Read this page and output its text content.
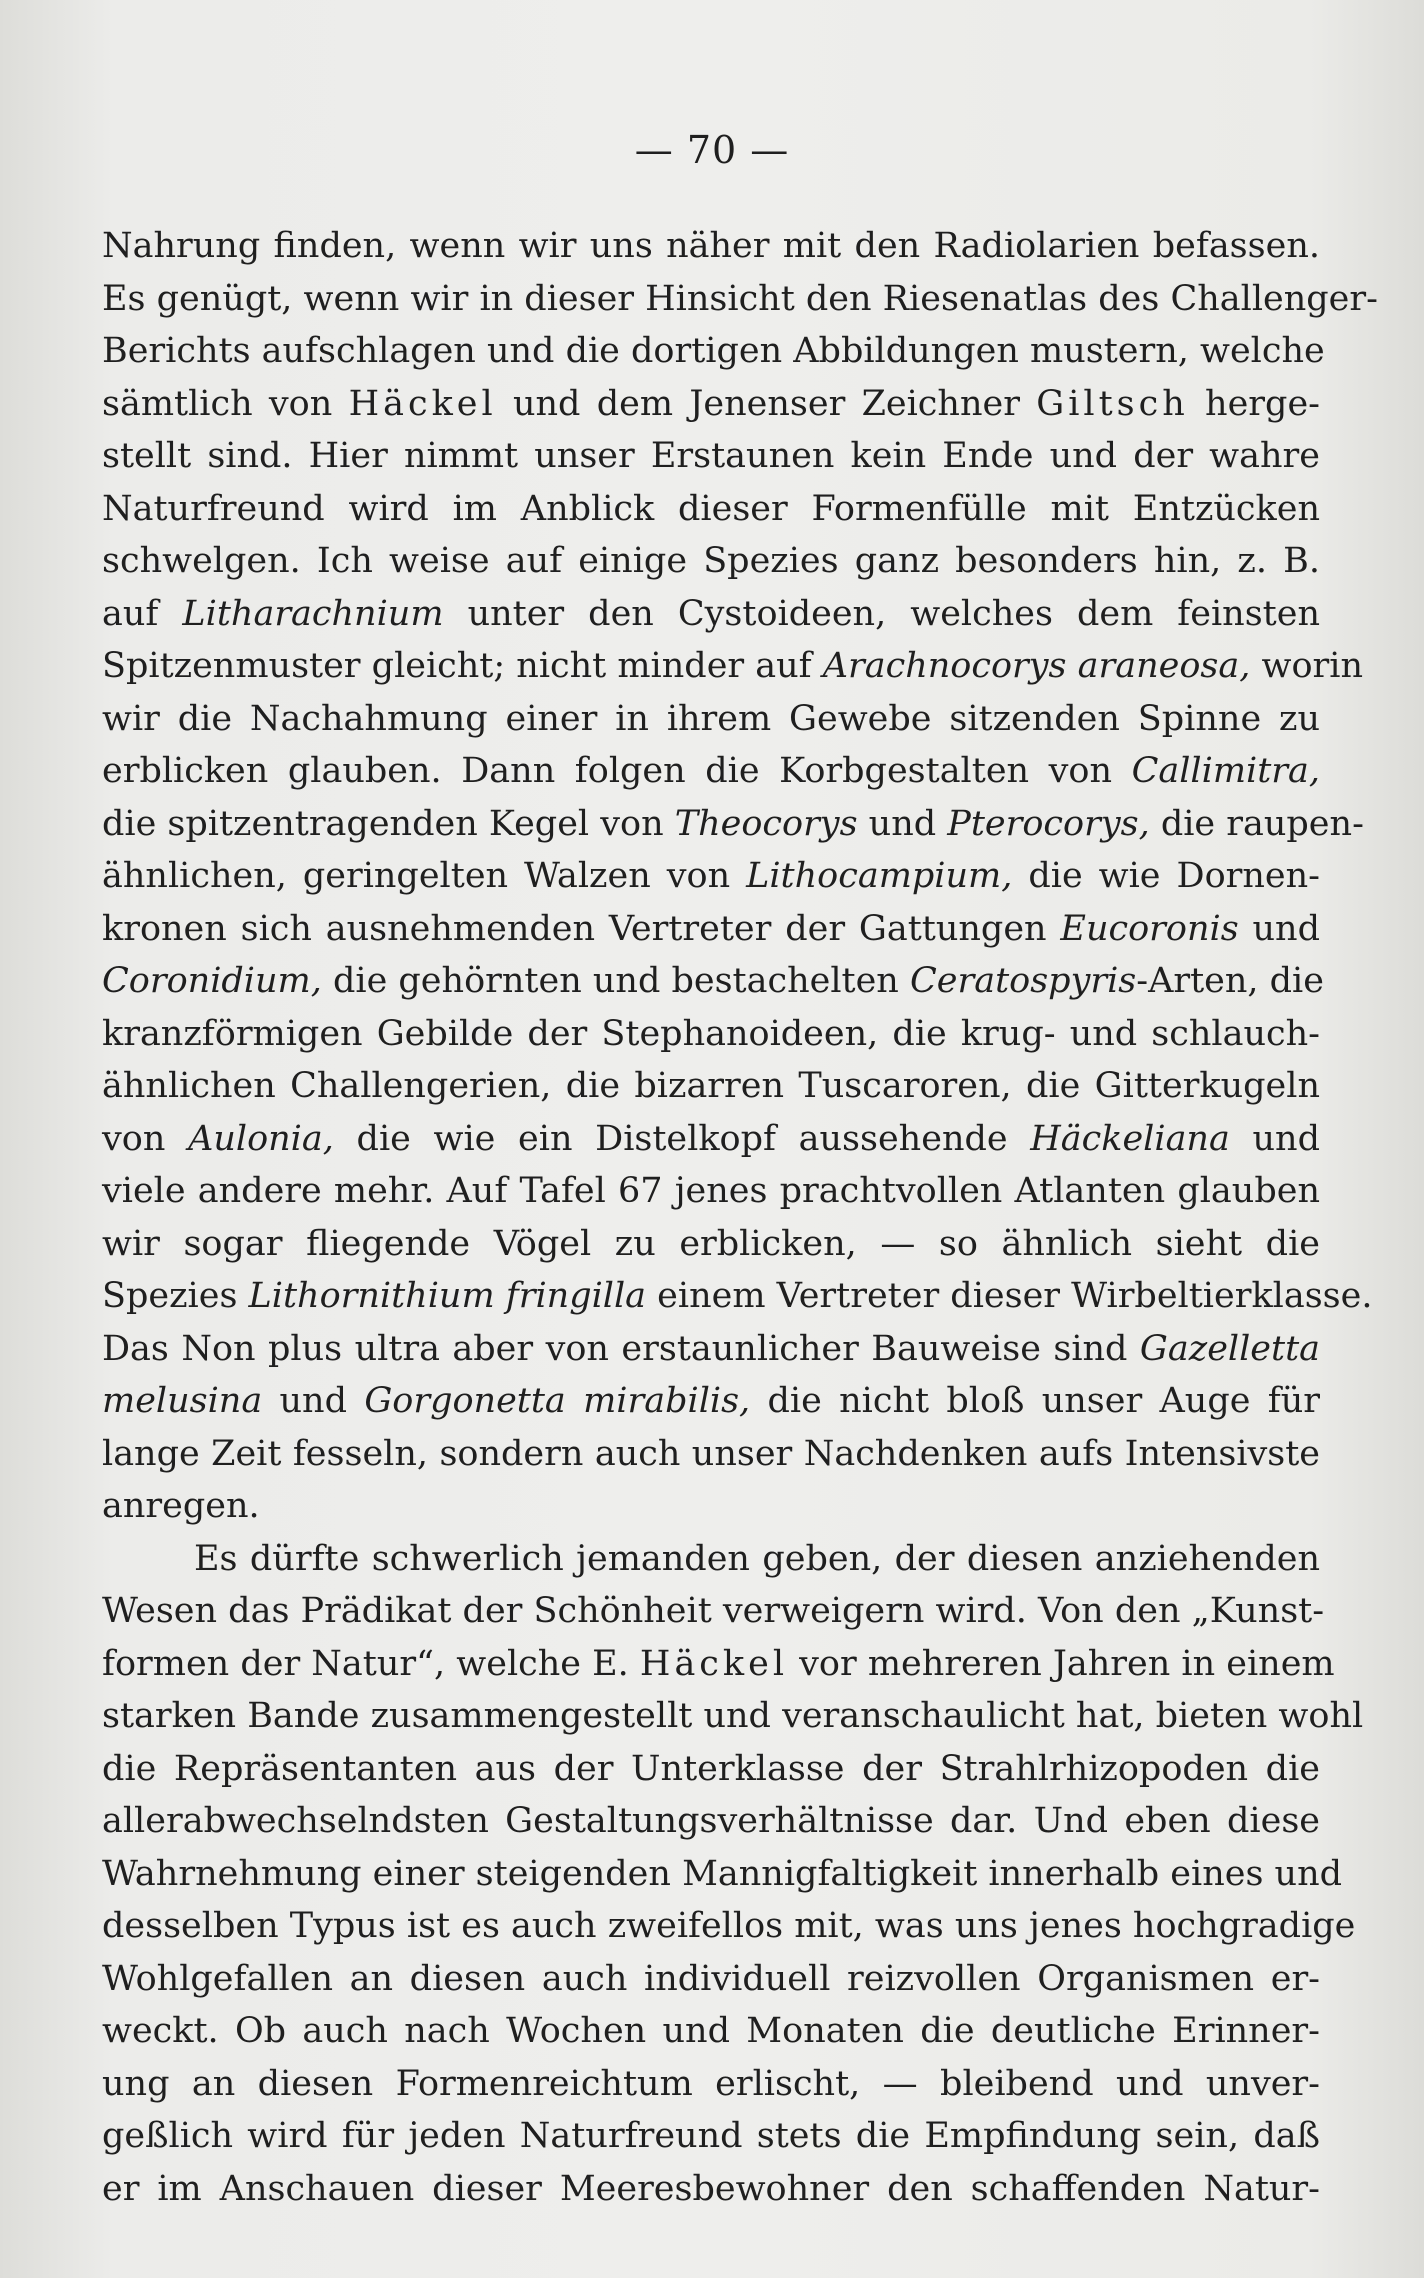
— 70 —
Nahrung finden, wenn wir uns näher mit den Radiolarien befassen.
Es genügt, wenn wir in dieser Hinsicht den Riesenatlas des Challenger-
Berichts aufschlagen und die dortigen Abbildungen mustern, welche
sämtlich von Häckel und dem Jenenser Zeichner Giltsch herge-
stellt sind. Hier nimmt unser Erstaunen kein Ende und der wahre
Naturfreund wird im Anblick dieser Formenfülle mit Entzücken
schwelgen. Ich weise auf einige Spezies ganz besonders hin, z. B.
auf Litharachnium unter den Cystoideen, welches dem feinsten
Spitzenmuster gleicht; nicht minder auf Arachnocorys araneosa, worin
wir die Nachahmung einer in ihrem Gewebe sitzenden Spinne zu
erblicken glauben. Dann folgen die Korbgestalten von Callimitra,
die spitzentragenden Kegel von Theocorys und Pterocorys, die raupen-
ähnlichen, geringelten Walzen von Lithocampium, die wie Dornen-
kronen sich ausnehmenden Vertreter der Gattungen Eucoronis und
Coronidium, die gehörnten und bestachelten Ceratospyris-Arten, die
kranzförmigen Gebilde der Stephanoideen, die krug- und schlauch-
ähnlichen Challengerien, die bizarren Tuscaroren, die Gitterkugeln
von Aulonia, die wie ein Distelkopf aussehende Häckeliana und
viele andere mehr. Auf Tafel 67 jenes prachtvollen Atlanten glauben
wir sogar fliegende Vögel zu erblicken, — so ähnlich sieht die
Spezies Lithornithium fringilla einem Vertreter dieser Wirbeltierklasse.
Das Non plus ultra aber von erstaunlicher Bauweise sind Gazelletta
melusina und Gorgonetta mirabilis, die nicht bloß unser Auge für
lange Zeit fesseln, sondern auch unser Nachdenken aufs Intensivste
anregen.
Es dürfte schwerlich jemanden geben, der diesen anziehenden
Wesen das Prädikat der Schönheit verweigern wird. Von den „Kunst-
formen der Natur“, welche E. Häckel vor mehreren Jahren in einem
starken Bande zusammengestellt und veranschaulicht hat, bieten wohl
die Repräsentanten aus der Unterklasse der Strahlrhizopoden die
allerabwechselndsten Gestaltungsverhältnisse dar. Und eben diese
Wahrnehmung einer steigenden Mannigfaltigkeit innerhalb eines und
desselben Typus ist es auch zweifellos mit, was uns jenes hochgradige
Wohlgefallen an diesen auch individuell reizvollen Organismen er-
weckt. Ob auch nach Wochen und Monaten die deutliche Erinner-
ung an diesen Formenreichtum erlischt, — bleibend und unver-
geßlich wird für jeden Naturfreund stets die Empfindung sein, daß
er im Anschauen dieser Meeresbewohner den schaffenden Natur-
